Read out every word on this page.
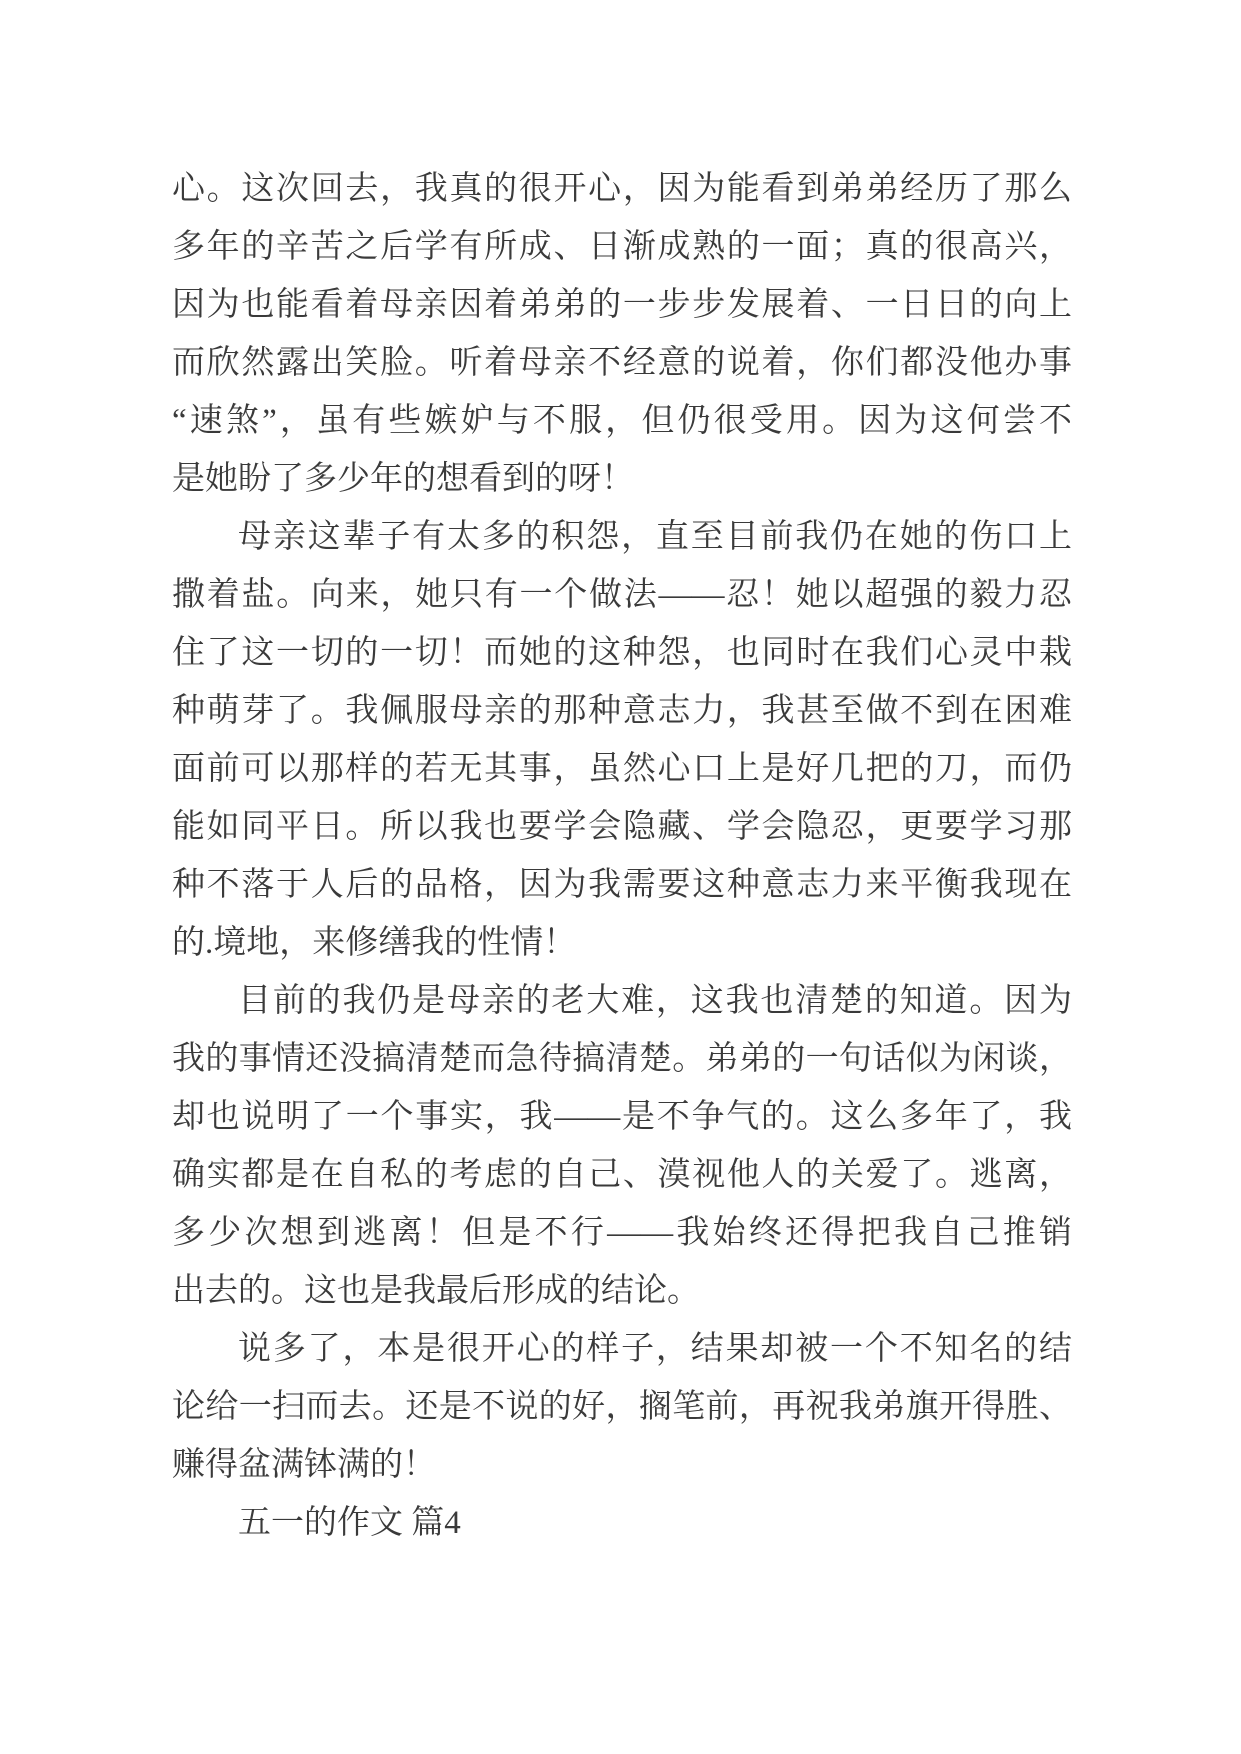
心。这次回去，我真的很开心，因为能看到弟弟经历了那么
多年的辛苦之后学有所成、日渐成熟的一面；真的很高兴，
因为也能看着母亲因着弟弟的一步步发展着、一日日的向上
而欣然露出笑脸。听着母亲不经意的说着，你们都没他办事
“速煞”，虽有些嫉妒与不服，但仍很受用。因为这何尝不
是她盼了多少年的想看到的呀！
母亲这辈子有太多的积怨，直至目前我仍在她的伤口上
撒着盐。向来，她只有一个做法——忍！她以超强的毅力忍
住了这一切的一切！而她的这种怨，也同时在我们心灵中栽
种萌芽了。我佩服母亲的那种意志力，我甚至做不到在困难
面前可以那样的若无其事，虽然心口上是好几把的刀，而仍
能如同平日。所以我也要学会隐藏、学会隐忍，更要学习那
种不落于人后的品格，因为我需要这种意志力来平衡我现在
的.境地，来修缮我的性情！
目前的我仍是母亲的老大难，这我也清楚的知道。因为
我的事情还没搞清楚而急待搞清楚。弟弟的一句话似为闲谈，
却也说明了一个事实，我——是不争气的。这么多年了，我
确实都是在自私的考虑的自己、漠视他人的关爱了。逃离，
多少次想到逃离！但是不行——我始终还得把我自己推销
出去的。这也是我最后形成的结论。
说多了，本是很开心的样子，结果却被一个不知名的结
论给一扫而去。还是不说的好，搁笔前，再祝我弟旗开得胜、
赚得盆满钵满的！
五一的作文 篇4
